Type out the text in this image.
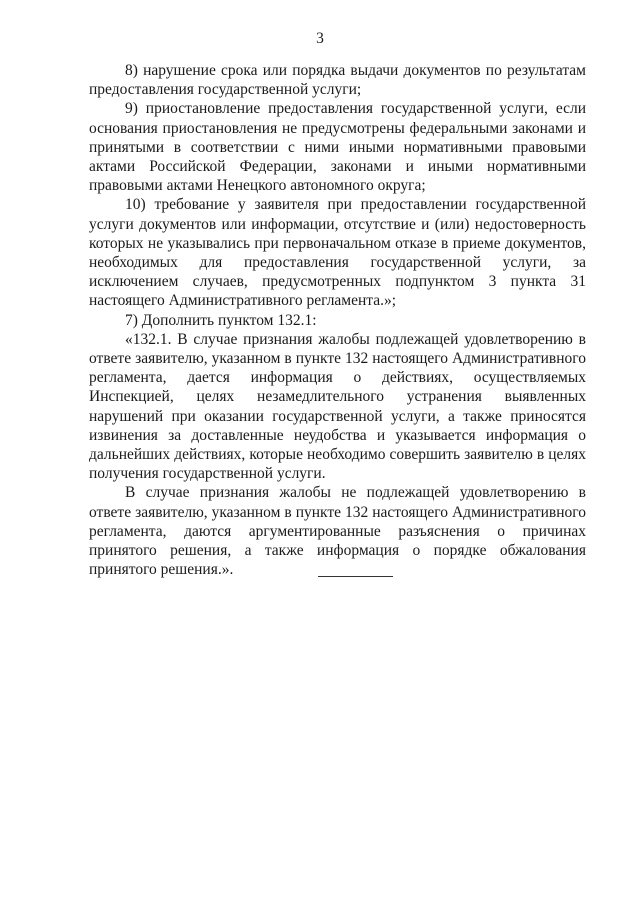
3

8) нарушение срока или порядка выдачи документов по результатам предоставления государственной услуги;

9) приостановление предоставления государственной услуги, если основания приостановления не предусмотрены федеральными законами и принятыми в соответствии с ними иными нормативными правовыми актами Российской Федерации, законами и иными нормативными правовыми актами Ненецкого автономного округа;

10) требование у заявителя при предоставлении государственной услуги документов или информации, отсутствие и (или) недостоверность которых не указывались при первоначальном отказе в приеме документов, необходимых для предоставления государственной услуги, за исключением случаев, предусмотренных подпунктом 3 пункта 31 настоящего Административного регламента.»;

7) Дополнить пунктом 132.1:

«132.1. В случае признания жалобы подлежащей удовлетворению в ответе заявителю, указанном в пункте 132 настоящего Административного регламента, дается информация о действиях, осуществляемых Инспекцией, целях незамедлительного устранения выявленных нарушений при оказании государственной услуги, а также приносятся извинения за доставленные неудобства и указывается информация о дальнейших действиях, которые необходимо совершить заявителю в целях получения государственной услуги.

В случае признания жалобы не подлежащей удовлетворению в ответе заявителю, указанном в пункте 132 настоящего Административного регламента, даются аргументированные разъяснения о причинах принятого решения, а также информация о порядке обжалования принятого решения.».
